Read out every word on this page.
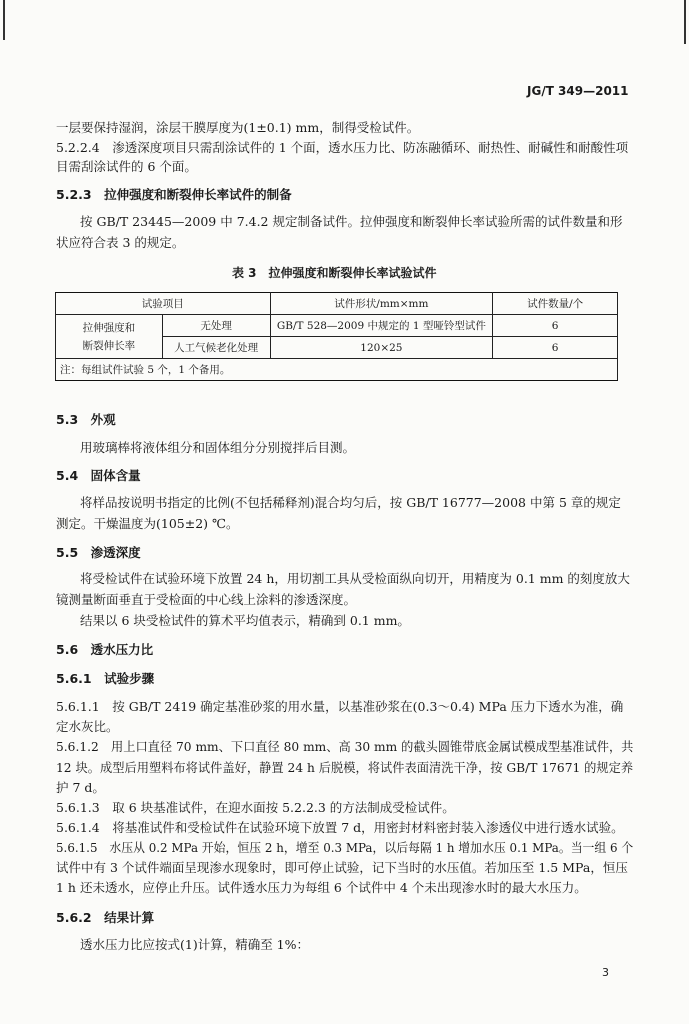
JG/T 349—2011
一层要保持湿润，涂层干膜厚度为(1±0.1) mm，制得受检试件。
5.2.2.4　渗透深度项目只需刮涂试件的 1 个面，透水压力比、防冻融循环、耐热性、耐碱性和耐酸性项
目需刮涂试件的 6 个面。
5.2.3　拉伸强度和断裂伸长率试件的制备
按 GB/T 23445—2009 中 7.4.2 规定制备试件。拉伸强度和断裂伸长率试验所需的试件数量和形
状应符合表 3 的规定。
表 3　拉伸强度和断裂伸长率试验试件
试验项目		试件形状/mm×mm	试件数量/个

拉伸强度和
断裂伸长率	无处理	GB/T 528—2009 中规定的 1 型哑铃型试件	6
	人工气候老化处理	120×25	6
注：每组试件试验 5 个，1 个备用。			
5.3　外观
用玻璃棒将液体组分和固体组分分别搅拌后目测。
5.4　固体含量
将样品按说明书指定的比例(不包括稀释剂)混合均匀后，按 GB/T 16777—2008 中第 5 章的规定
测定。干燥温度为(105±2) ℃。
5.5　渗透深度
将受检试件在试验环境下放置 24 h，用切割工具从受检面纵向切开，用精度为 0.1 mm 的刻度放大
镜测量断面垂直于受检面的中心线上涂料的渗透深度。
结果以 6 块受检试件的算术平均值表示，精确到 0.1 mm。
5.6　透水压力比
5.6.1　试验步骤
5.6.1.1　按 GB/T 2419 确定基准砂浆的用水量，以基准砂浆在(0.3～0.4) MPa 压力下透水为准，确
定水灰比。
5.6.1.2　用上口直径 70 mm、下口直径 80 mm、高 30 mm 的截头圆锥带底金属试模成型基准试件，共
12 块。成型后用塑料布将试件盖好，静置 24 h 后脱模，将试件表面清洗干净，按 GB/T 17671 的规定养
护 7 d。
5.6.1.3　取 6 块基准试件，在迎水面按 5.2.2.3 的方法制成受检试件。
5.6.1.4　将基准试件和受检试件在试验环境下放置 7 d，用密封材料密封装入渗透仪中进行透水试验。
5.6.1.5　水压从 0.2 MPa 开始，恒压 2 h，增至 0.3 MPa，以后每隔 1 h 增加水压 0.1 MPa。当一组 6 个
试件中有 3 个试件端面呈现渗水现象时，即可停止试验，记下当时的水压值。若加压至 1.5 MPa，恒压
1 h 还未透水，应停止升压。试件透水压力为每组 6 个试件中 4 个未出现渗水时的最大水压力。
5.6.2　结果计算
透水压力比应按式(1)计算，精确至 1%：
3
